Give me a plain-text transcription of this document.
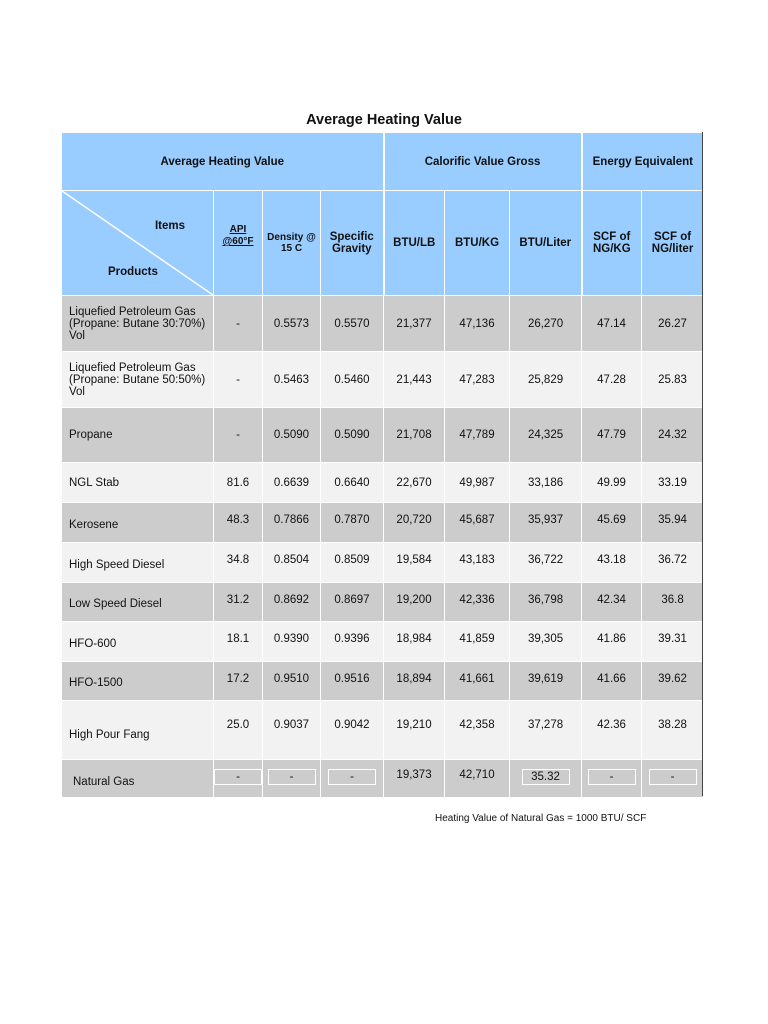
Average Heating Value
Average Heating Value				Calorific Value Gross			Energy Equivalent	

Items
Products	API @60°F	Density @ 15 C	Specific Gravity	BTU/LB	BTU/KG	BTU/Liter	SCF of NG/KG	SCF of NG/liter
Liquefied Petroleum Gas (Propane: Butane 30:70%) Vol	-	0.5573	0.5570	21,377	47,136	26,270	47.14	26.27
Liquefied Petroleum Gas (Propane: Butane 50:50%) Vol	-	0.5463	0.5460	21,443	47,283	25,829	47.28	25.83
Propane	-	0.5090	0.5090	21,708	47,789	24,325	47.79	24.32
NGL Stab	81.6	0.6639	0.6640	22,670	49,987	33,186	49.99	33.19
Kerosene	48.3	0.7866	0.7870	20,720	45,687	35,937	45.69	35.94
High Speed Diesel	34.8	0.8504	0.8509	19,584	43,183	36,722	43.18	36.72
Low Speed Diesel	31.2	0.8692	0.8697	19,200	42,336	36,798	42.34	36.8
HFO-600	18.1	0.9390	0.9396	18,984	41,859	39,305	41.86	39.31
HFO-1500	17.2	0.9510	0.9516	18,894	41,661	39,619	41.66	39.62
High Pour Fang	25.0	0.9037	0.9042	19,210	42,358	37,278	42.36	38.28
Natural Gas	-	-	-	19,373	42,710	35.32	-	-
Heating Value of Natural Gas = 1000 BTU/ SCF
